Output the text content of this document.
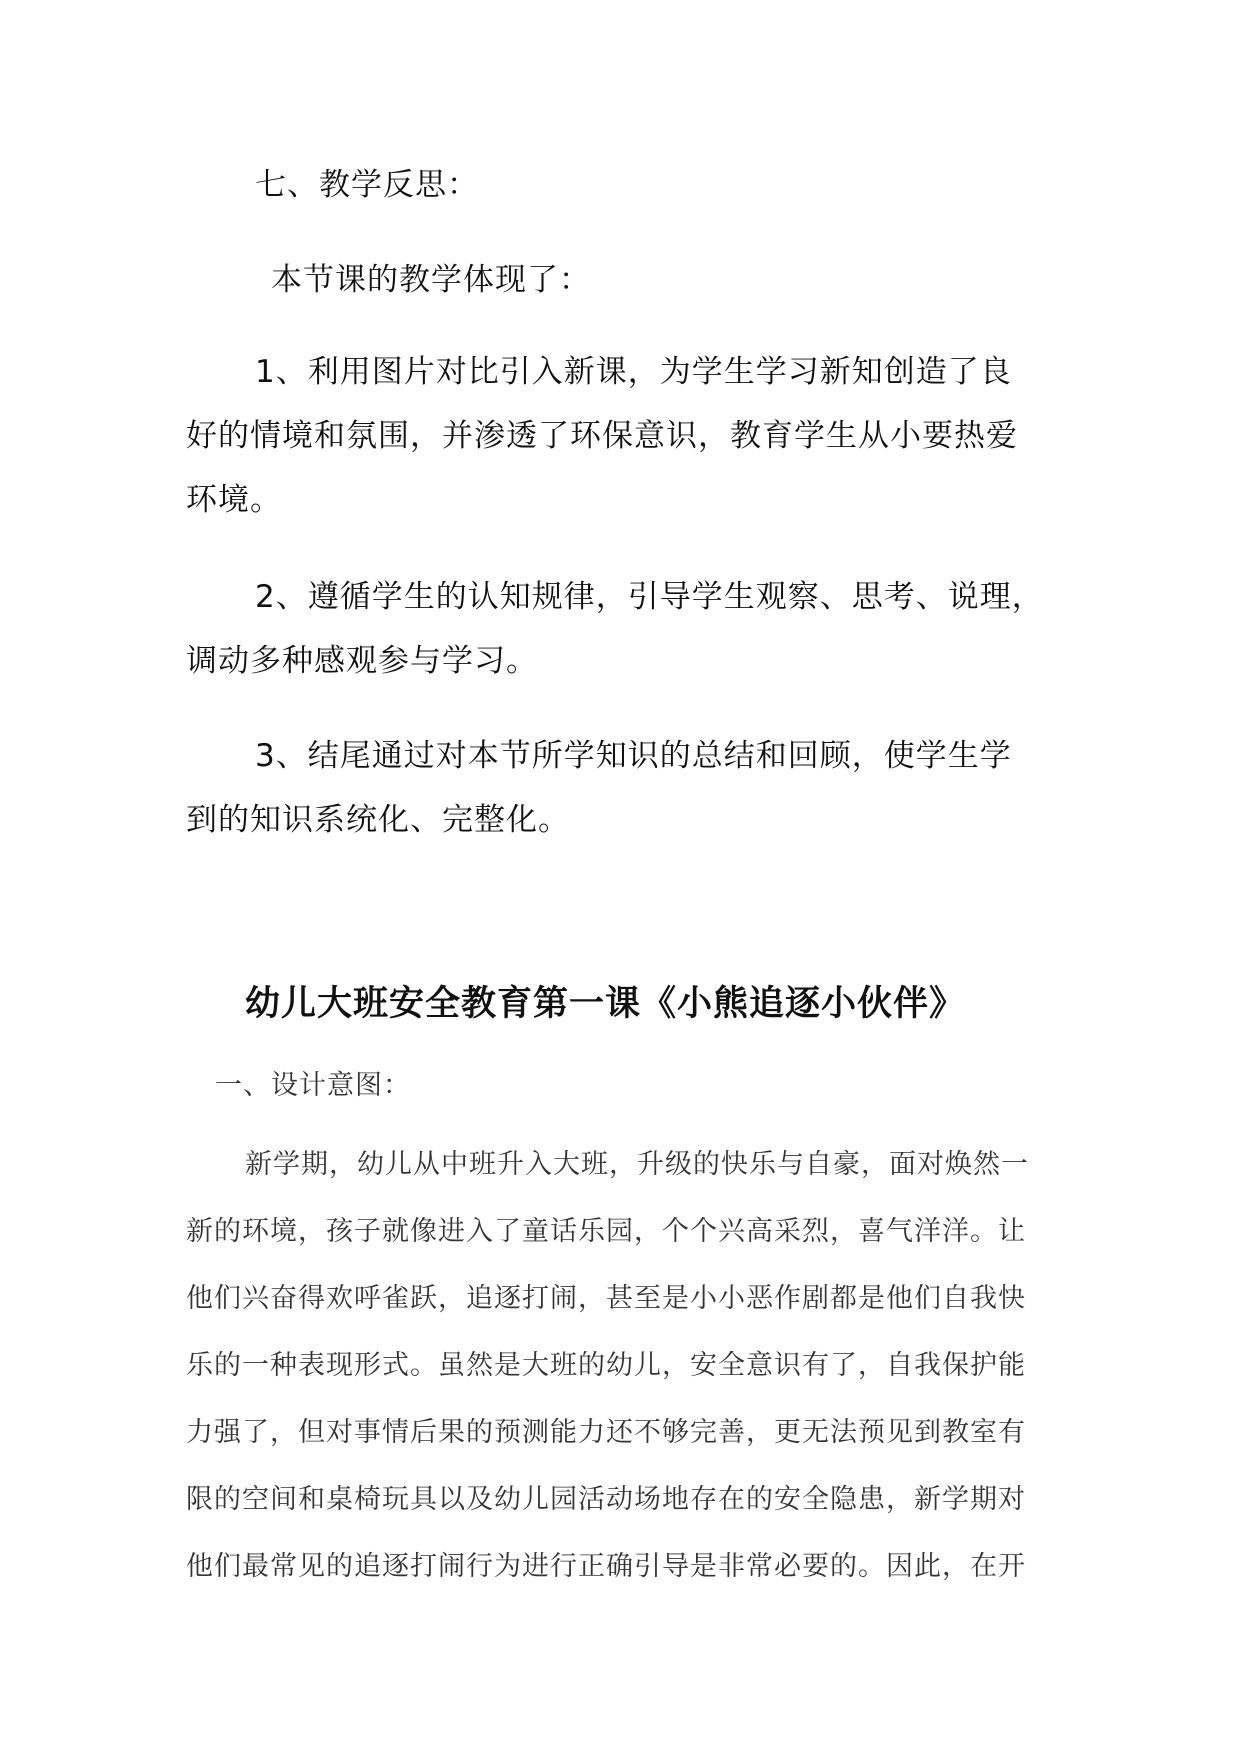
七、教学反思：
本节课的教学体现了：
1、利用图片对比引入新课，为学生学习新知创造了良
好的情境和氛围，并渗透了环保意识，教育学生从小要热爱
环境。
2、遵循学生的认知规律，引导学生观察、思考、说理，
调动多种感观参与学习。
3、结尾通过对本节所学知识的总结和回顾，使学生学
到的知识系统化、完整化。
幼儿大班安全教育第一课《小熊追逐小伙伴》
一、设计意图：
新学期，幼儿从中班升入大班，升级的快乐与自豪，面对焕然一
新的环境，孩子就像进入了童话乐园，个个兴高采烈，喜气洋洋。让
他们兴奋得欢呼雀跃，追逐打闹，甚至是小小恶作剧都是他们自我快
乐的一种表现形式。虽然是大班的幼儿，安全意识有了，自我保护能
力强了，但对事情后果的预测能力还不够完善，更无法预见到教室有
限的空间和桌椅玩具以及幼儿园活动场地存在的安全隐患，新学期对
他们最常见的追逐打闹行为进行正确引导是非常必要的。因此，在开
